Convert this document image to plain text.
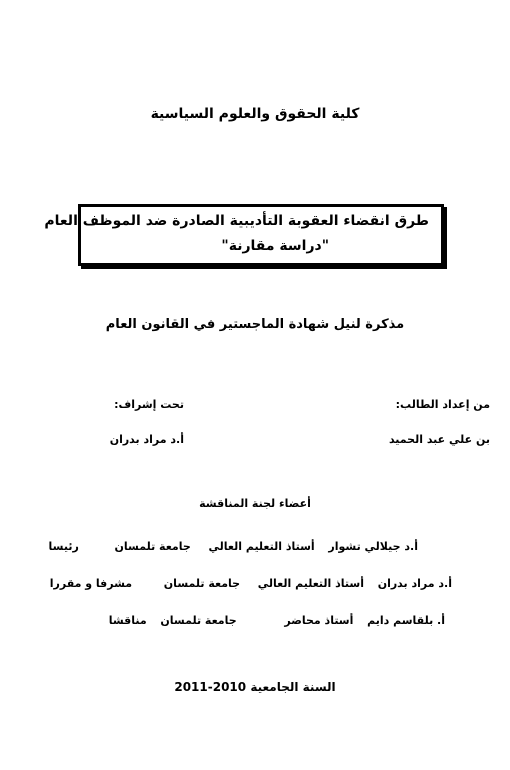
كلية الحقوق والعلوم السياسية
طرق انقضاء العقوبة التأديبية الصادرة ضد الموظف العام
"دراسة مقارنة"
مذكرة لنيل شهادة الماجستير في القانون العام
من إعداد الطالب:
تحت إشراف:
بن علي عبد الحميد
أ.د مراد بدران
أعضاء لجنة المناقشة
أ.د جيلالي تشوار  أستاذ التعليم العالي  جامعة تلمسان  رئيسا
أ.د مراد بدران  أستاذ التعليم العالي  جامعة تلمسان  مشرفا و مقررا
أ. بلقاسم دايم  أستاذ محاضر  جامعة تلمسان  مناقشا
السنة الجامعية 2010-2011
